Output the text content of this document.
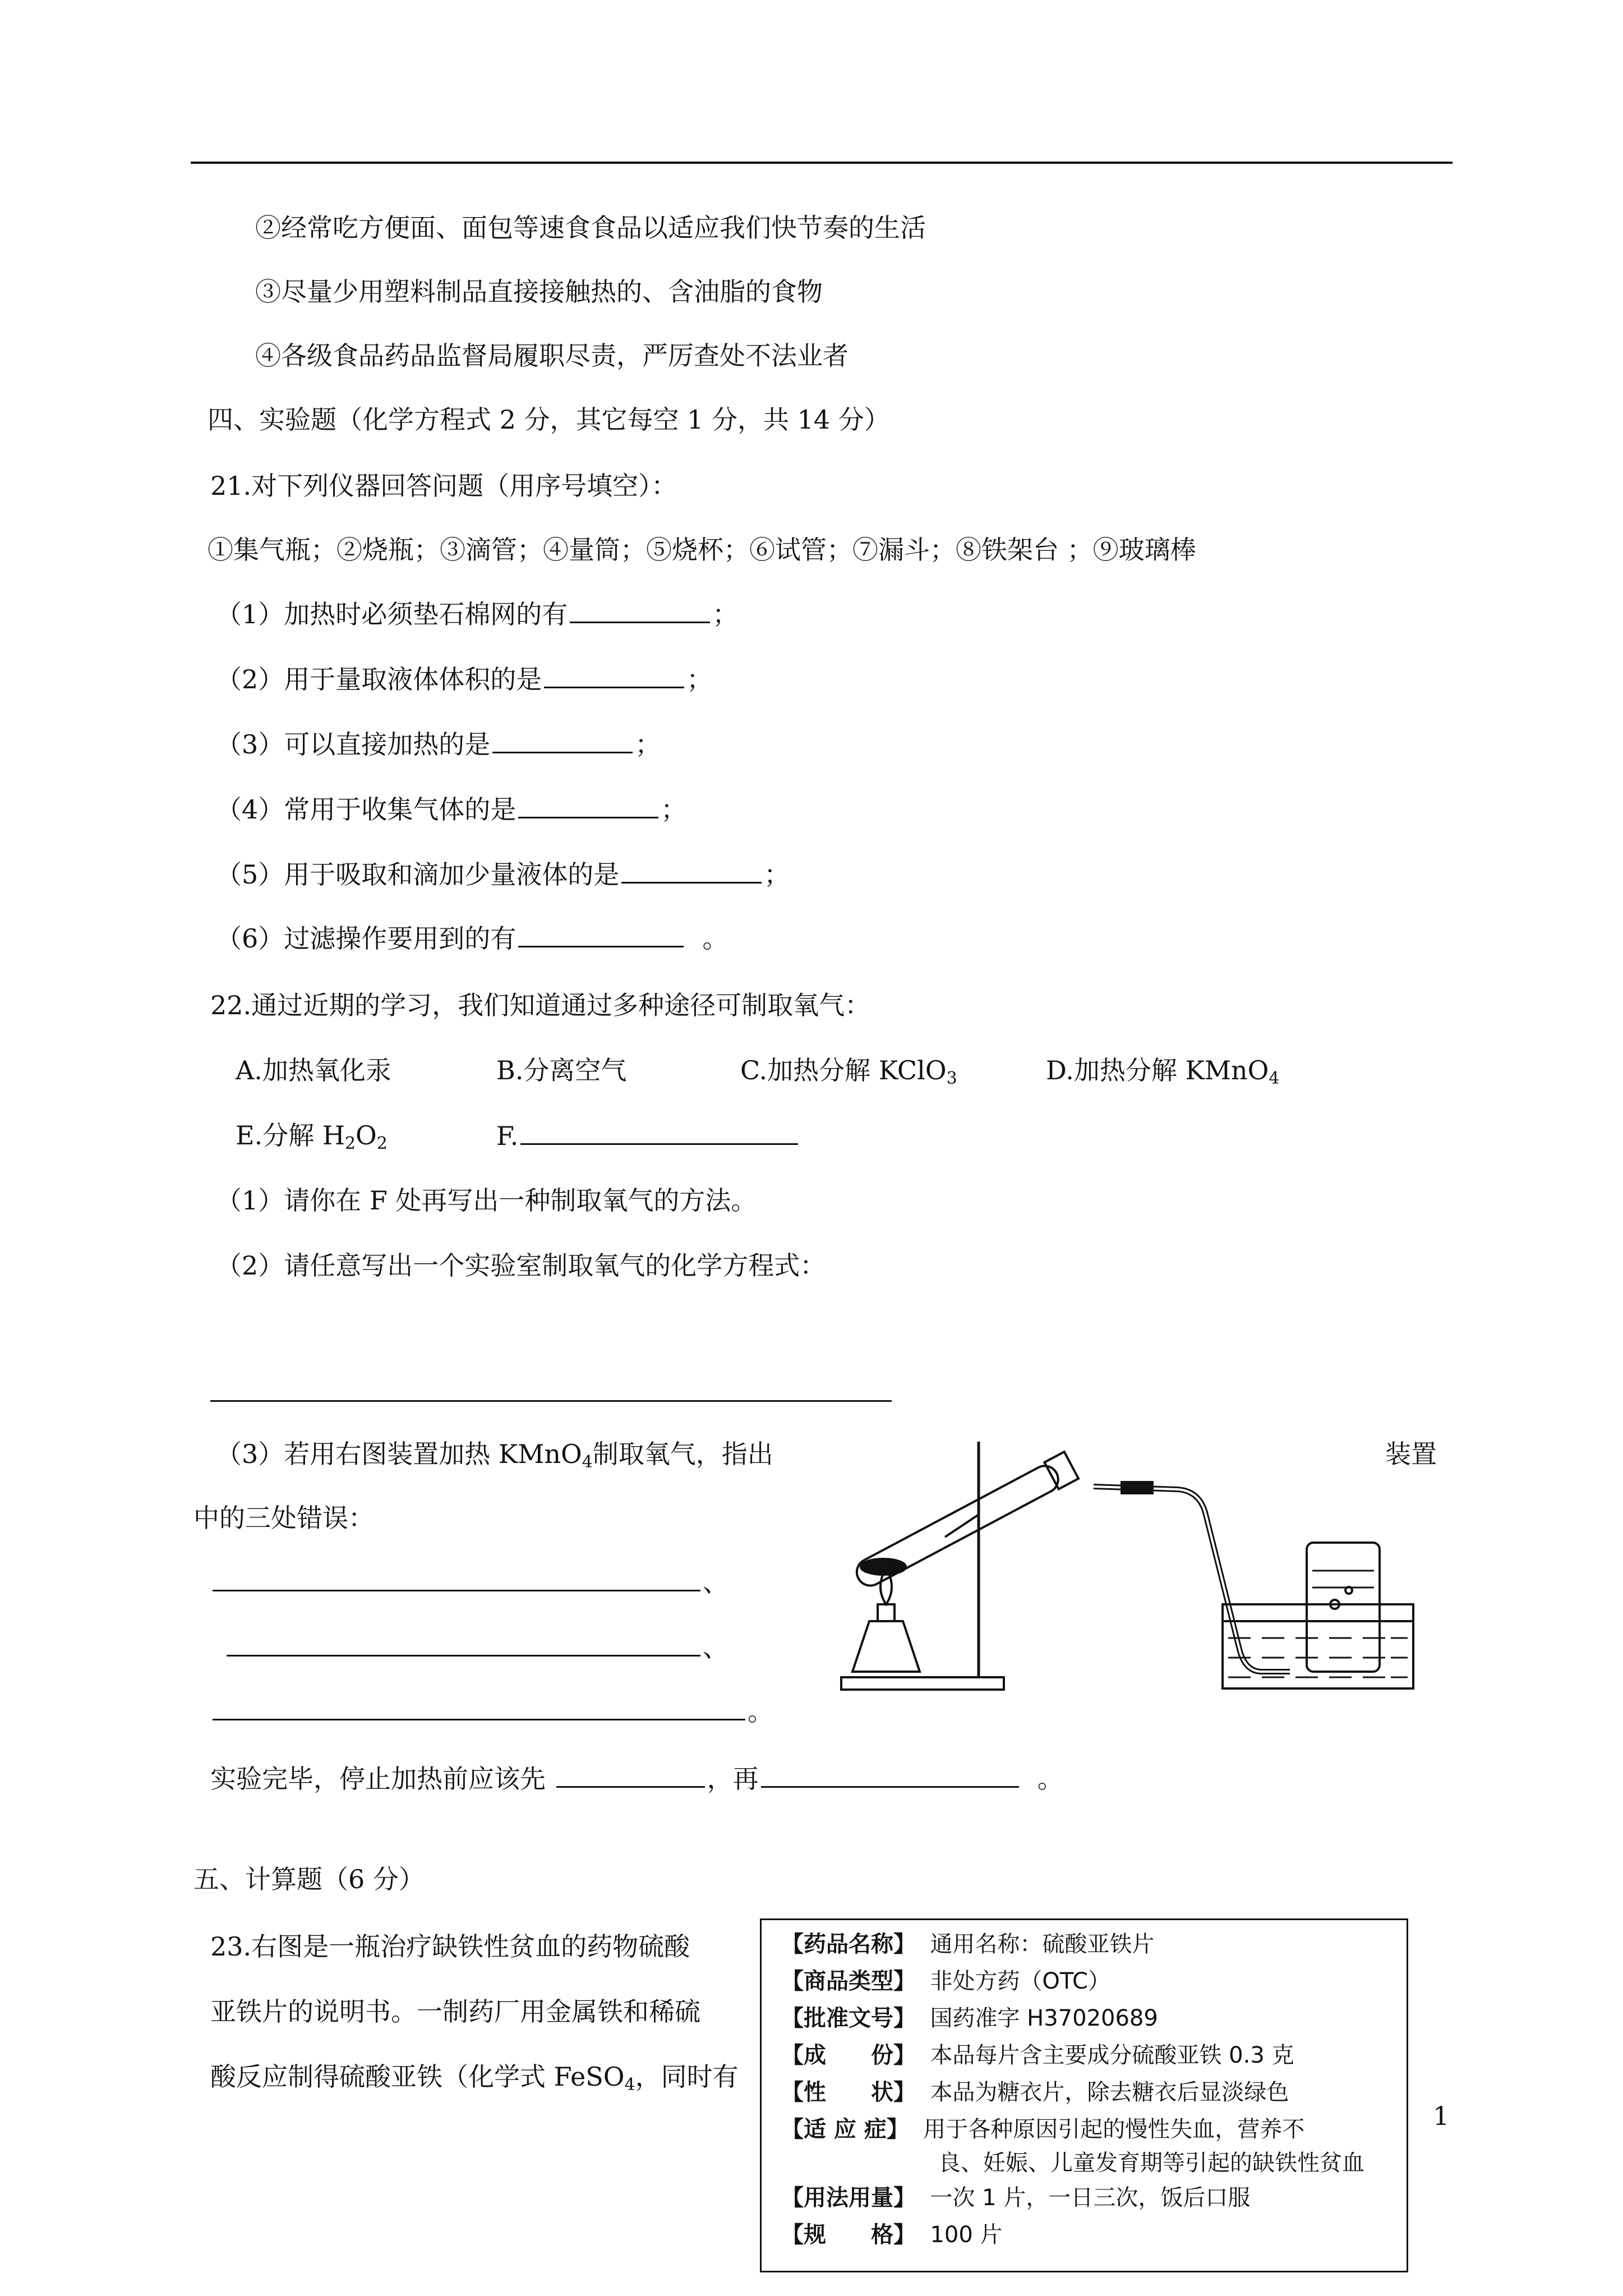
②经常吃方便面、面包等速食食品以适应我们快节奏的生活
③尽量少用塑料制品直接接触热的、含油脂的食物
④各级食品药品监督局履职尽责，严厉查处不法业者
四、实验题（化学方程式 2 分，其它每空 1 分，共 14 分）
21.对下列仪器回答问题（用序号填空）：
①集气瓶；②烧瓶；③滴管；④量筒；⑤烧杯；⑥试管；⑦漏斗；⑧铁架台 ；⑨玻璃棒
（1）加热时必须垫石棉网的有	；
（2）用于量取液体体积的是	；
（3）可以直接加热的是	；
（4）常用于收集气体的是	；
（5）用于吸取和滴加少量液体的是	；
（6）过滤操作要用到的有	。
22.通过近期的学习，我们知道通过多种途径可制取氧气：
A.加热氧化汞	B.分离空气	C.加热分解 KClO$_3$	D.加热分解 KMnO$_4$
E.分解 $H_2O_2$	F.
（1）请你在 F 处再写出一种制取氧气的方法。
（2）请任意写出一个实验室制取氧气的化学方程式：
（3）若用右图装置加热 KMnO$_4$制取氧气，指出	装置
中的三处错误：
、
、
。
实验完毕，停止加热前应该先	，再	。
五、计算题（6 分）
23.右图是一瓶治疗缺铁性贫血的药物硫酸
亚铁片的说明书。一制药厂用金属铁和稀硫
酸反应制得硫酸亚铁（化学式 FeSO$_4$，同时有
【药品名称】 通用名称：硫酸亚铁片
【商品类型】 非处方药（OTC）
【批准文号】 国药准字 H37020689
【成　　份】 本品每片含主要成分硫酸亚铁 0.3 克
【性　　状】 本品为糖衣片，除去糖衣后显淡绿色
【适 应 症】 用于各种原因引起的慢性失血，营养不
良、妊娠、儿童发育期等引起的缺铁性贫血
【用法用量】 一次 1 片，一日三次，饭后口服
【规　　格】 100 片
1
